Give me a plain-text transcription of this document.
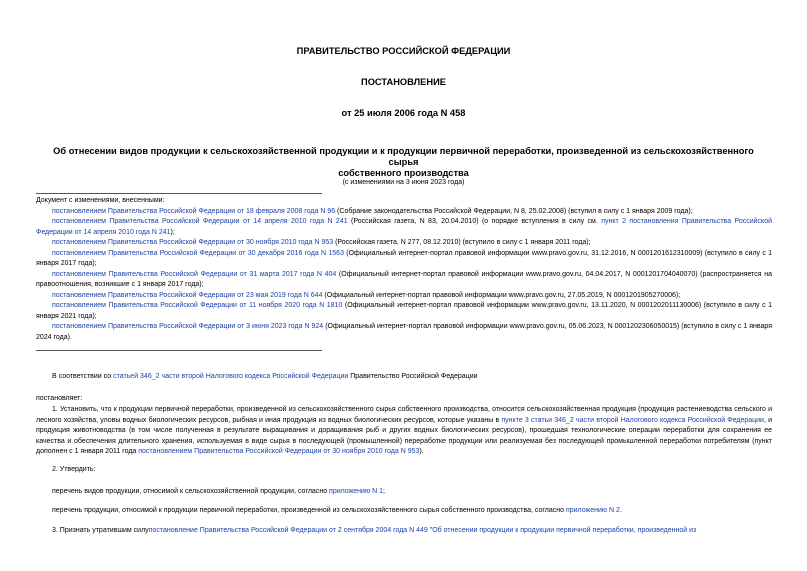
ПРАВИТЕЛЬСТВО РОССИЙСКОЙ ФЕДЕРАЦИИ
ПОСТАНОВЛЕНИЕ
от 25 июля 2006 года N 458
Об отнесении видов продукции к сельскохозяйственной продукции и к продукции первичной переработки, произведенной из сельскохозяйственного сырья
собственного производства
(с изменениями на 3 июня 2023 года)

Документ с изменениями, внесенными:

постановлением Правительства Российской Федерации от 18 февраля 2008 года N 96 (Собрание законодательства Российской Федерации, N 8, 25.02.2008) (вступил в силу с 1 января 2009 года);

постановлением Правительства Российской Федерации от 14 апреля 2010 года N 241 (Российская газета, N 83, 20.04.2010) (о порядке вступления в силу см. пункт 2 постановления Правительства Российской Федерации от 14 апреля 2010 года N 241);

постановлением Правительства Российской Федерации от 30 ноября 2010 года N 953 (Российская газета, N 277, 08.12.2010) (вступило в силу с 1 января 2011 года);

постановлением Правительства Российской Федерации от 30 декабря 2016 года N 1563 (Официальный интернет-портал правовой информации www.pravo.gov.ru, 31.12.2016, N 0001201612310009) (вступило в силу с 1 января 2017 года);

постановлением Правительства Российской Федерации от 31 марта 2017 года N 404 (Официальный интернет-портал правовой информации www.pravo.gov.ru, 04.04.2017, N 0001201704040070) (распространяется на правоотношения, возникшие с 1 января 2017 года);

постановлением Правительства Российской Федерации от 23 мая 2019 года N 644 (Официальный интернет-портал правовой информации www.pravo.gov.ru, 27.05.2019, N 0001201905270006);

постановлением Правительства Российской Федерации от 11 ноября 2020 года N 1810 (Официальный интернет-портал правовой информации www.pravo.gov.ru, 13.11.2020, N 0001202011130006) (вступило в силу с 1 января 2021 года);

постановлением Правительства Российской Федерации от 3 июня 2023 года N 924 (Официальный интернет-портал правовой информации www.pravo.gov.ru, 05.06.2023, N 0001202306050015) (вступило в силу с 1 января 2024 года).

В соответствии со статьей 346_2 части второй Налогового кодекса Российской Федерации Правительство Российской Федерации

постановляет:

1. Установить, что к продукции первичной переработки, произведенной из сельскохозяйственного сырья собственного производства, относится сельскохозяйственная продукция (продукция растениеводства сельского и лесного хозяйства, уловы водных биологических ресурсов, рыбная и иная продукция из водных биологических ресурсов, которые указаны в пункте 3 статьи 346_2 части второй Налогового кодекса Российской Федерации, и продукция животноводства (в том числе полученная в результате выращивания и доращивания рыб и других водных биологических ресурсов), прошедшая технологические операции переработки для сохранения ее качества и обеспечения длительного хранения, используемая в виде сырья в последующей (промышленной) переработке продукции или реализуемая без последующей промышленной переработки потребителям (пункт дополнен с 1 января 2011 года постановлением Правительства Российской Федерации от 30 ноября 2010 года N 953).

2. Утвердить:

перечень видов продукции, относимой к сельскохозяйственной продукции, согласно приложению N 1;

перечень продукции, относимой к продукции первичной переработки, произведенной из сельскохозяйственного сырья собственного производства, согласно приложению N 2.

3. Признать утратившим силупостановление Правительства Российской Федерации от 2 сентября 2004 года N 449 "Об отнесении продукции к продукции первичной переработки, произведенной из
